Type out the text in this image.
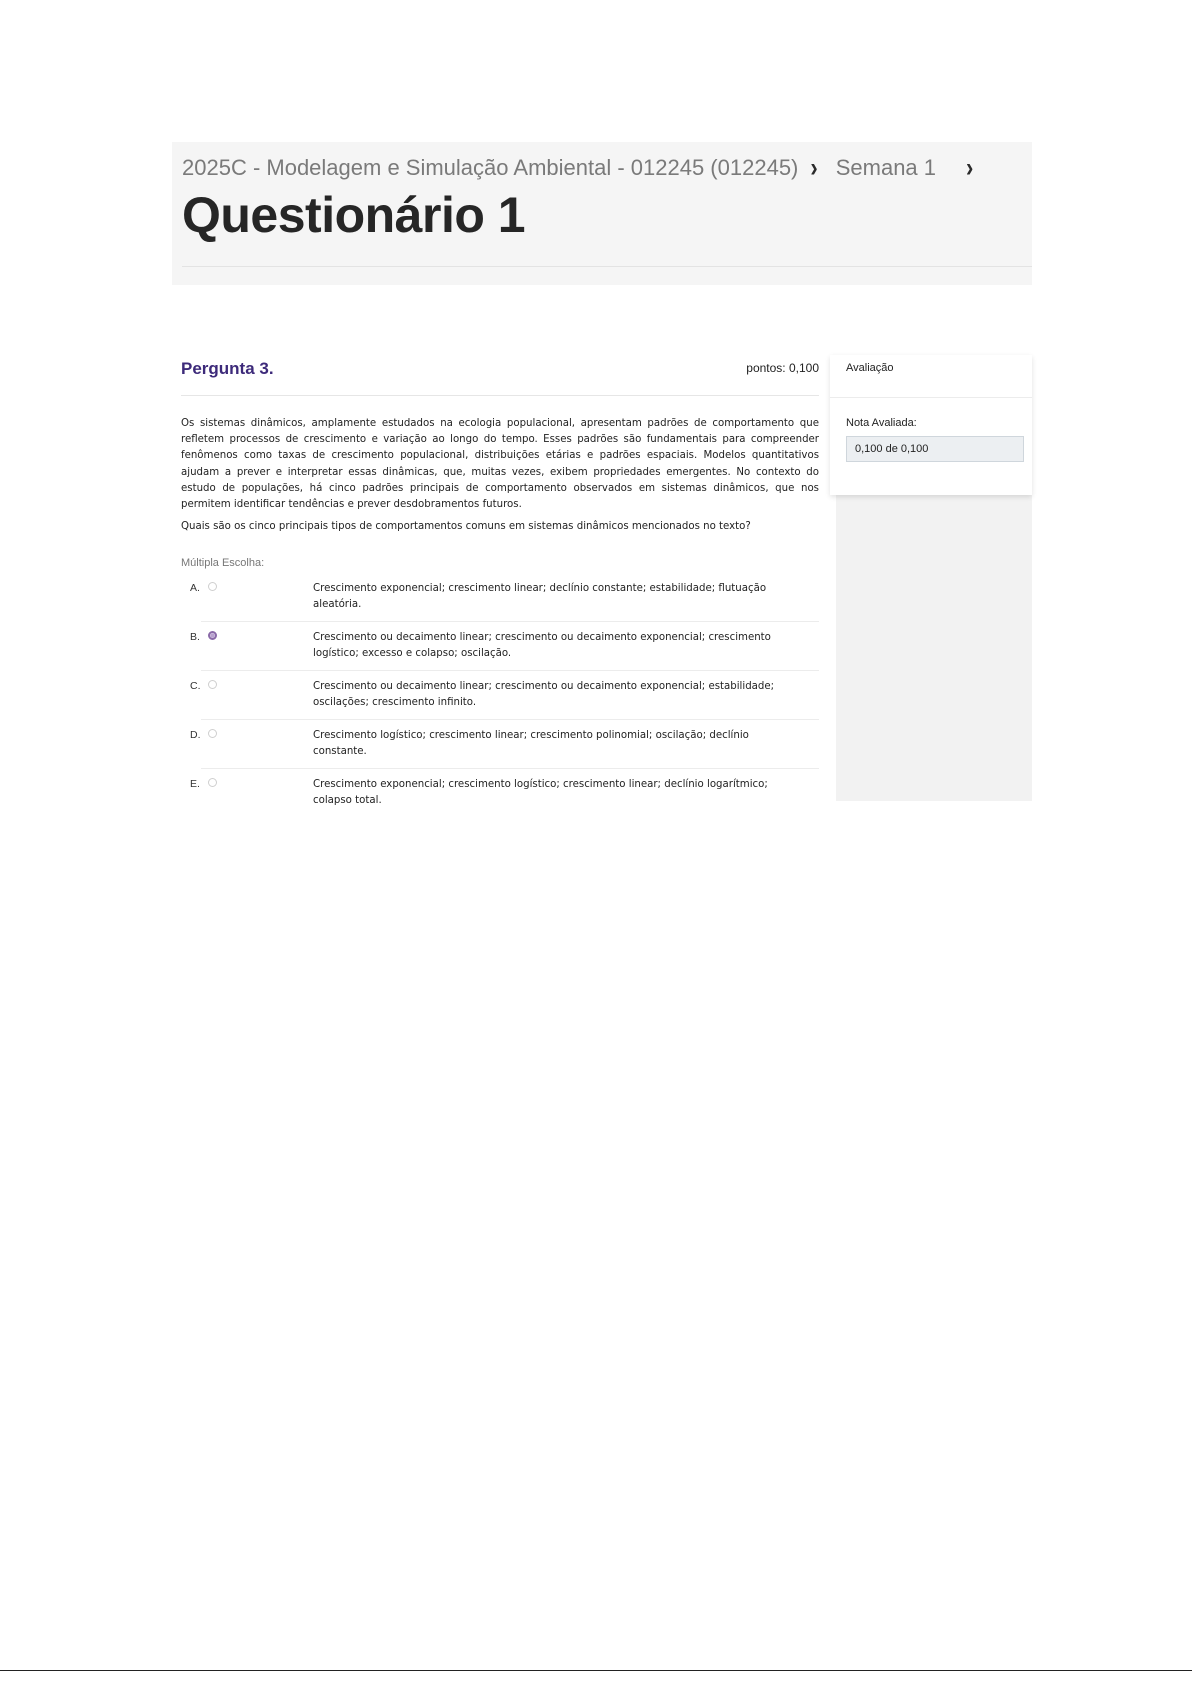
2025C - Modelagem e Simulação Ambiental - 012245 (012245) › Semana 1 ›
Questionário 1
Avaliação
Nota Avaliada:
0,100 de 0,100
Pergunta 3.	pontos: 0,100
Os sistemas dinâmicos, amplamente estudados na ecologia populacional, apresentam padrões de comportamento que refletem processos de crescimento e variação ao longo do tempo. Esses padrões são fundamentais para compreender fenômenos como taxas de crescimento populacional, distribuições etárias e padrões espaciais. Modelos quantitativos ajudam a prever e interpretar essas dinâmicas, que, muitas vezes, exibem propriedades emergentes. No contexto do estudo de populações, há cinco padrões principais de comportamento observados em sistemas dinâmicos, que nos permitem identificar tendências e prever desdobramentos futuros.
Quais são os cinco principais tipos de comportamentos comuns em sistemas dinâmicos mencionados no texto?
Múltipla Escolha:
A.	Crescimento exponencial; crescimento linear; declínio constante; estabilidade; flutuação aleatória.
B.	Crescimento ou decaimento linear; crescimento ou decaimento exponencial; crescimento logístico; excesso e colapso; oscilação.
C.	Crescimento ou decaimento linear; crescimento ou decaimento exponencial; estabilidade; oscilações; crescimento infinito.
D.	Crescimento logístico; crescimento linear; crescimento polinomial; oscilação; declínio constante.
E.	Crescimento exponencial; crescimento logístico; crescimento linear; declínio logarítmico; colapso total.
